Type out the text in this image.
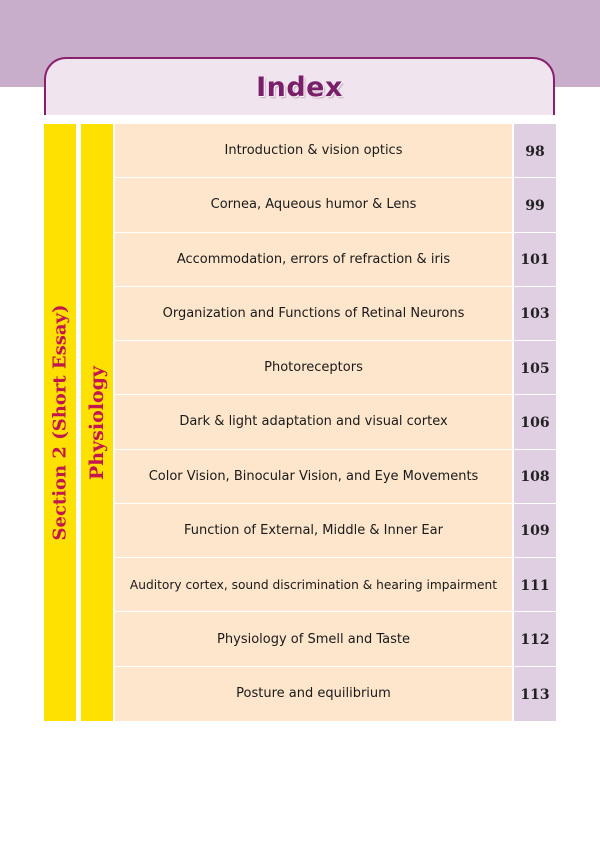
Index
Section 2 (Short Essay) Physiology
Introduction & vision optics	98
Cornea, Aqueous humor & Lens	99
Accommodation, errors of refraction & iris	101
Organization and Functions of Retinal Neurons	103
Photoreceptors	105
Dark & light adaptation and visual cortex	106
Color Vision, Binocular Vision, and Eye Movements	108
Function of External, Middle & Inner Ear	109
Auditory cortex, sound discrimination & hearing impairment	111
Physiology of Smell and Taste	112
Posture and equilibrium	113
